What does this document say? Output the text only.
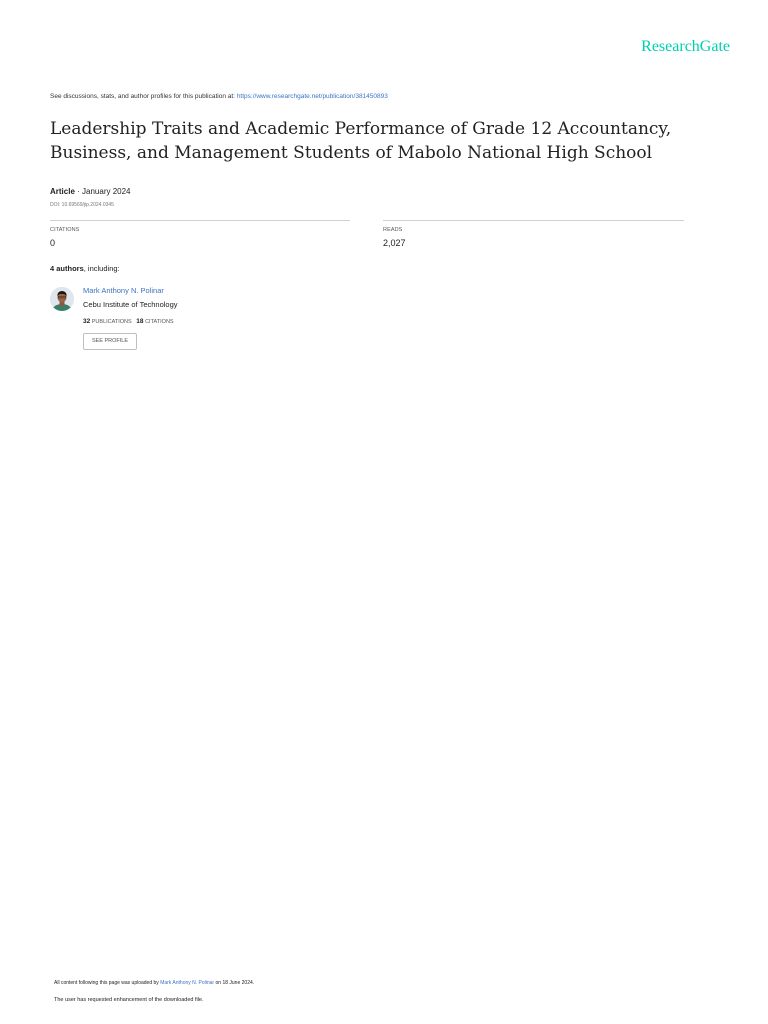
ResearchGate
See discussions, stats, and author profiles for this publication at: https://www.researchgate.net/publication/381450893
Leadership Traits and Academic Performance of Grade 12 Accountancy, Business, and Management Students of Mabolo National High School
Article · January 2024
DOI: 10.69569/jip.2024.0345
CITATIONS
0
READS
2,027
4 authors, including:
Mark Anthony N. Polinar
Cebu Institute of Technology
32 PUBLICATIONS 18 CITATIONS
SEE PROFILE
All content following this page was uploaded by Mark Anthony N. Polinar on 18 June 2024.
The user has requested enhancement of the downloaded file.
